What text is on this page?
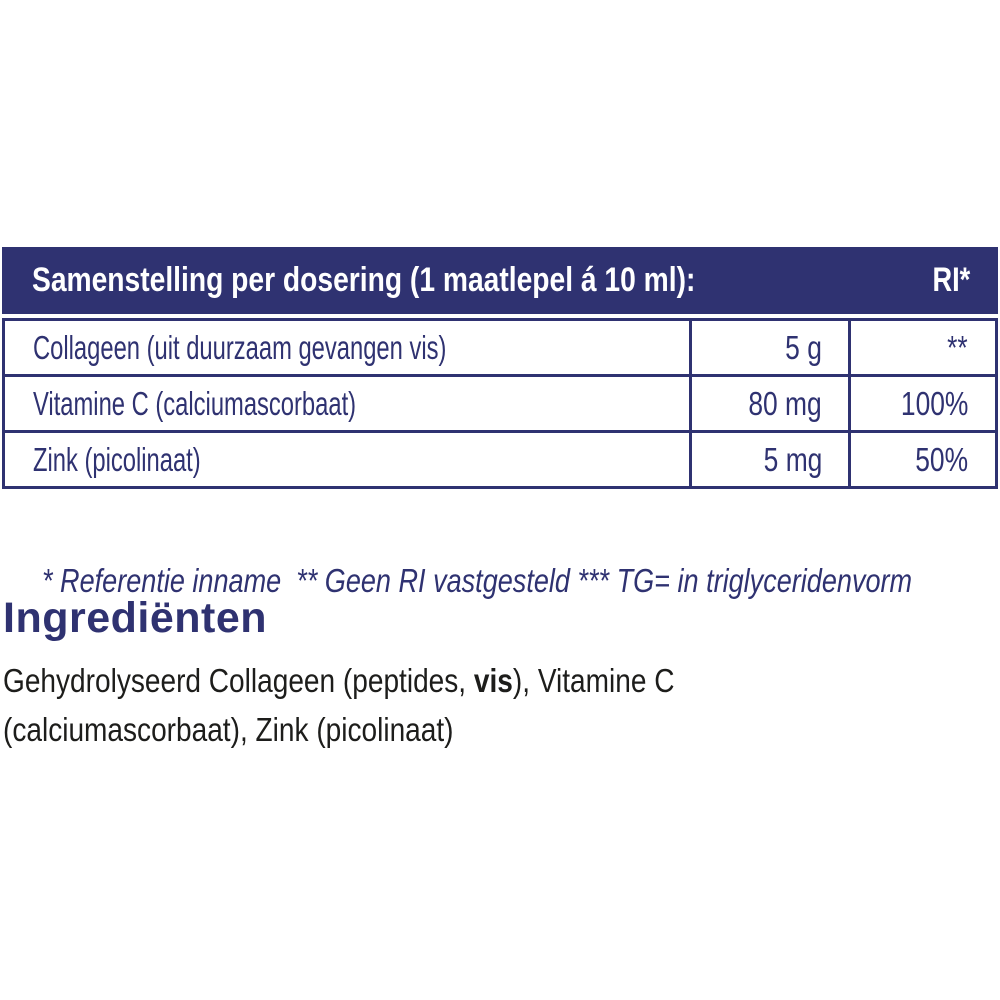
Samenstelling per dosering (1 maatlepel á 10 ml):	RI*
Collageen (uit duurzaam gevangen vis)	5 g	**
Vitamine C (calciumascorbaat)	80 mg	100%
Zink (picolinaat)	5 mg	50%

* Referentie inname  ** Geen RI vastgesteld *** TG= in triglyceridenvorm

Ingrediënten
Gehydrolyseerd Collageen (peptides, vis), Vitamine C
(calciumascorbaat), Zink (picolinaat)
